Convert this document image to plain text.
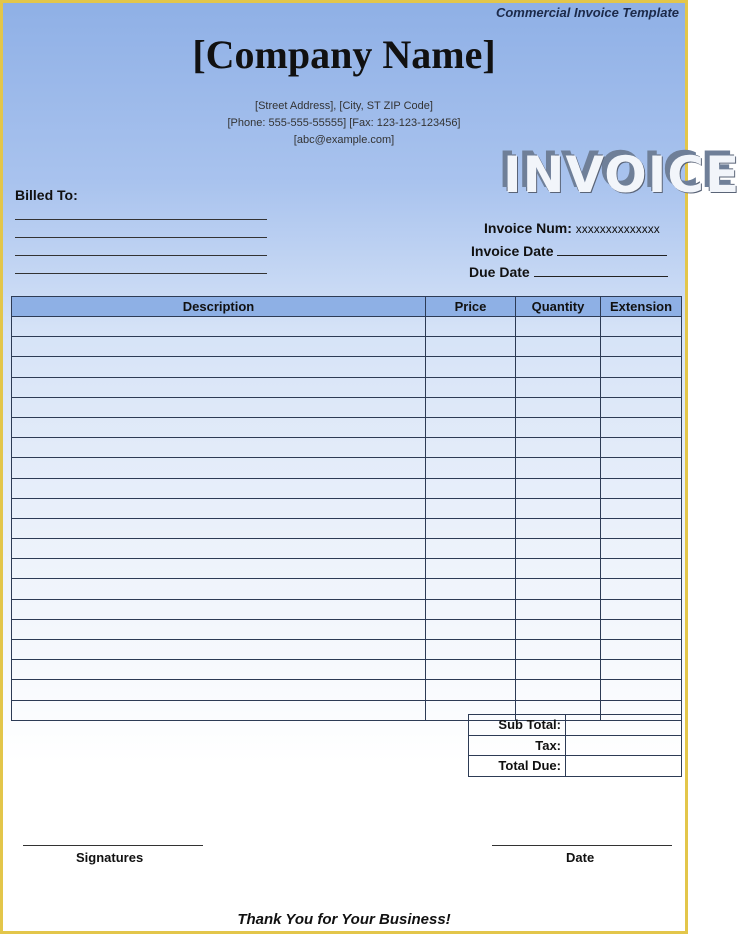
Commercial Invoice Template
[Company Name]
[Street Address], [City, ST ZIP Code]
[Phone: 555-555-55555] [Fax: 123-123-123456]
[abc@example.com]
INVOICE
Billed To:
Invoice Num: xxxxxxxxxxxxxx
Invoice Date
Due Date
Description	Price	Quantity	Extension

Sub Total:	
Tax:	
Total Due:	
Signatures	Date
Thank You for Your Business!
